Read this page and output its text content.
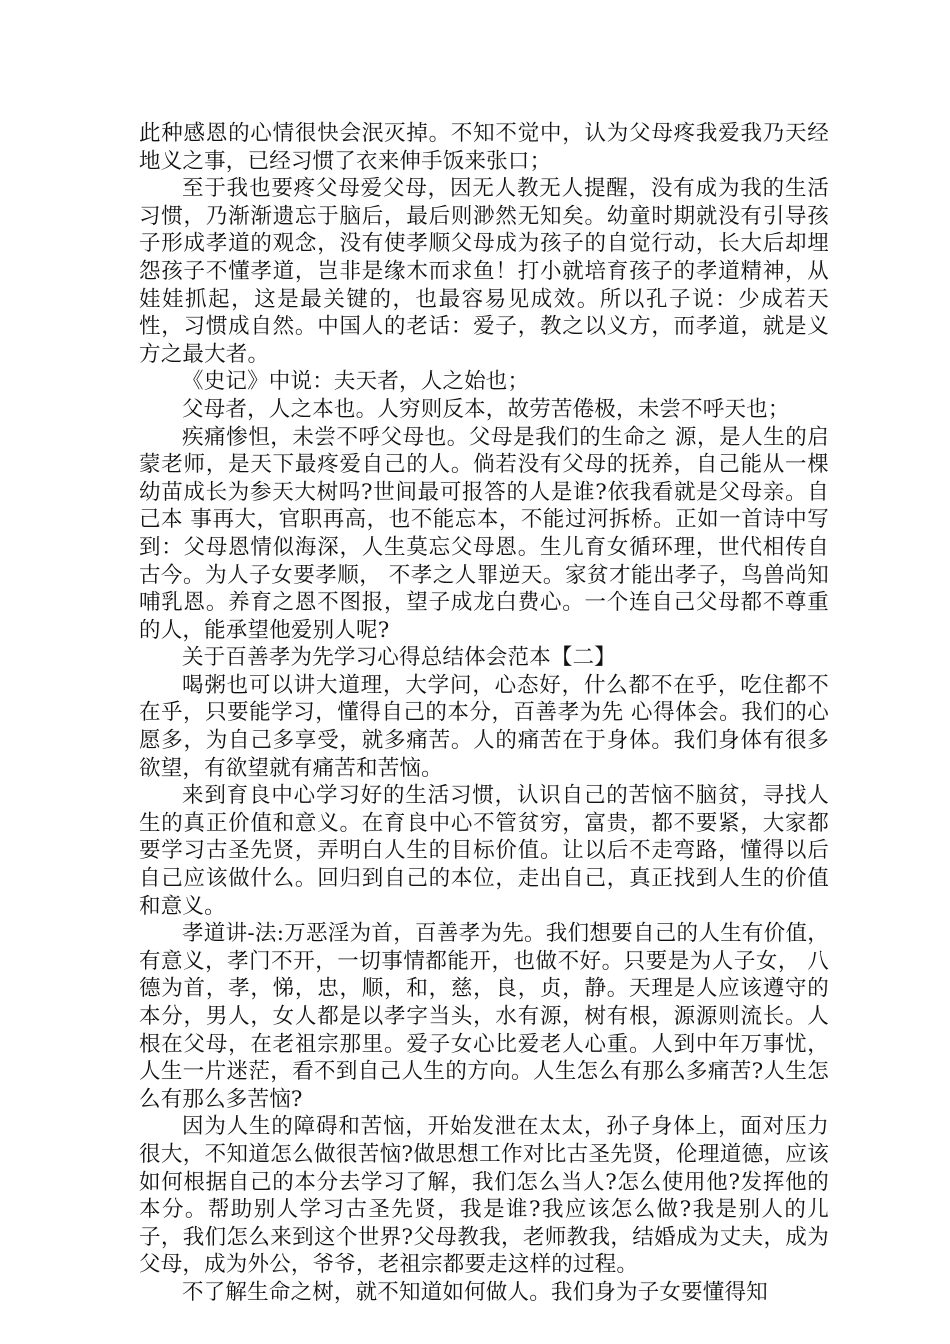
此种感恩的心情很快会泯灭掉。不知不觉中，认为父母疼我爱我乃天经地义之事，已经习惯了衣来伸手饭来张口；

至于我也要疼父母爱父母，因无人教无人提醒，没有成为我的生活习惯，乃渐渐遗忘于脑后，最后则渺然无知矣。幼童时期就没有引导孩子形成孝道的观念，没有使孝顺父母成为孩子的自觉行动，长大后却埋怨孩子不懂孝道，岂非是缘木而求鱼！打小就培育孩子的孝道精神，从娃娃抓起，这是最关键的，也最容易见成效。所以孔子说：少成若天性，习惯成自然。中国人的老话：爱子，教之以义方，而孝道，就是义方之最大者。

《史记》中说：夫天者，人之始也；

父母者，人之本也。人穷则反本，故劳苦倦极，未尝不呼天也；

疾痛惨怛，未尝不呼父母也。父母是我们的生命之 源，是人生的启蒙老师，是天下最疼爱自己的人。倘若没有父母的抚养，自己能从一棵幼苗成长为参天大树吗?世间最可报答的人是谁?依我看就是父母亲。自己本 事再大，官职再高，也不能忘本，不能过河拆桥。正如一首诗中写到：父母恩情似海深，人生莫忘父母恩。生儿育女循环理，世代相传自古今。为人子女要孝顺， 不孝之人罪逆天。家贫才能出孝子，鸟兽尚知哺乳恩。养育之恩不图报，望子成龙白费心。一个连自己父母都不尊重的人，能承望他爱别人呢?

关于百善孝为先学习心得总结体会范本【二】

喝粥也可以讲大道理，大学问，心态好，什么都不在乎，吃住都不在乎，只要能学习，懂得自己的本分，百善孝为先 心得体会。我们的心愿多，为自己多享受，就多痛苦。人的痛苦在于身体。我们身体有很多欲望，有欲望就有痛苦和苦恼。

来到育良中心学习好的生活习惯，认识自己的苦恼不脑贫，寻找人生的真正价值和意义。在育良中心不管贫穷，富贵，都不要紧，大家都要学习古圣先贤，弄明白人生的目标价值。让以后不走弯路，懂得以后自己应该做什么。回归到自己的本位，走出自己，真正找到人生的价值和意义。

孝道讲-法:万恶淫为首，百善孝为先。我们想要自己的人生有价值，有意义，孝门不开，一切事情都能开，也做不好。只要是为人子女， 八德为首，孝，悌，忠，顺，和，慈，良，贞，静。天理是人应该遵守的本分，男人，女人都是以孝字当头，水有源，树有根，源源则流长。人根在父母，在老祖宗那里。爱子女心比爱老人心重。人到中年万事忧，人生一片迷茫，看不到自己人生的方向。人生怎么有那么多痛苦?人生怎么有那么多苦恼?

因为人生的障碍和苦恼，开始发泄在太太，孙子身体上，面对压力很大，不知道怎么做很苦恼?做思想工作对比古圣先贤，伦理道德，应该如何根据自己的本分去学习了解，我们怎么当人?怎么使用他?发挥他的本分。帮助别人学习古圣先贤，我是谁?我应该怎么做?我是别人的儿子，我们怎么来到这个世界?父母教我，老师教我，结婚成为丈夫，成为父母，成为外公，爷爷，老祖宗都要走这样的过程。

不了解生命之树，就不知道如何做人。我们身为子女要懂得知
